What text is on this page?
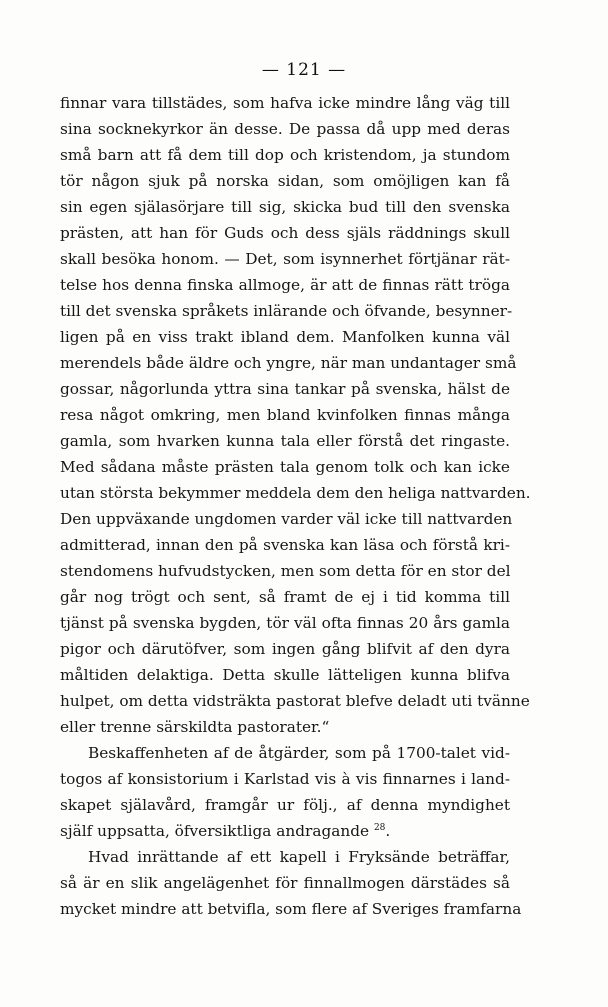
— 121 —
finnar vara tillstädes, som hafva icke mindre lång väg till
sina socknekyrkor än desse. De passa då upp med deras
små barn att få dem till dop och kristendom, ja stundom
tör någon sjuk på norska sidan, som omöjligen kan få
sin egen själasörjare till sig, skicka bud till den svenska
prästen, att han för Guds och dess själs räddnings skull
skall besöka honom. — Det, som isynnerhet förtjänar rät-
telse hos denna finska allmoge, är att de finnas rätt tröga
till det svenska språkets inlärande och öfvande, besynner-
ligen på en viss trakt ibland dem. Manfolken kunna väl
merendels både äldre och yngre, när man undantager små
gossar, någorlunda yttra sina tankar på svenska, hälst de
resa något omkring, men bland kvinfolken finnas många
gamla, som hvarken kunna tala eller förstå det ringaste.
Med sådana måste prästen tala genom tolk och kan icke
utan största bekymmer meddela dem den heliga nattvarden.
Den uppväxande ungdomen varder väl icke till nattvarden
admitterad, innan den på svenska kan läsa och förstå kri-
stendomens hufvudstycken, men som detta för en stor del
går nog trögt och sent, så framt de ej i tid komma till
tjänst på svenska bygden, tör väl ofta finnas 20 års gamla
pigor och därutöfver, som ingen gång blifvit af den dyra
måltiden delaktiga. Detta skulle lätteligen kunna blifva
hulpet, om detta vidsträkta pastorat blefve deladt uti tvänne
eller trenne särskildta pastorater.“
Beskaffenheten af de åtgärder, som på 1700-talet vid-
togos af konsistorium i Karlstad vis à vis finnarnes i land-
skapet själavård, framgår ur följ., af denna myndighet
själf uppsatta, öfversiktliga andragande $^{28}$.
Hvad inrättande af ett kapell i Fryksände beträffar,
så är en slik angelägenhet för finnallmogen därstädes så
mycket mindre att betvifla, som flere af Sveriges framfarna
